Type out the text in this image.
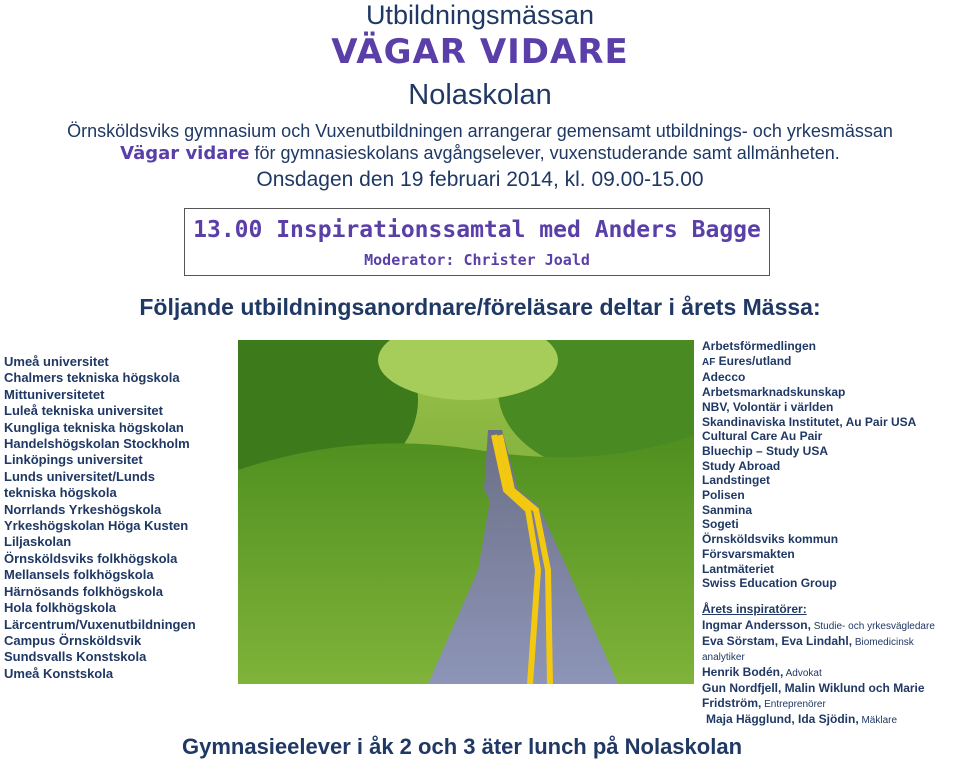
Utbildningsmässan
VÄGAR VIDARE
Nolaskolan
Örnsköldsviks gymnasium och Vuxenutbildningen arrangerar gemensamt utbildnings- och yrkesmässan
Vägar vidare för gymnasieskolans avgångselever, vuxenstuderande samt allmänheten.
Onsdagen den 19 februari 2014, kl. 09.00-15.00
13.00 Inspirationssamtal med Anders Bagge
Moderator: Christer Joald
Följande utbildningsanordnare/föreläsare deltar i årets Mässa:
Umeå universitet
Chalmers tekniska högskola
Mittuniversitetet
Luleå tekniska universitet
Kungliga tekniska högskolan
Handelshögskolan Stockholm
Linköpings universitet
Lunds universitet/Lunds
tekniska högskola
Norrlands Yrkeshögskola
Yrkeshögskolan Höga Kusten
Liljaskolan
Örnsköldsviks folkhögskola
Mellansels folkhögskola
Härnösands folkhögskola
Hola folkhögskola
Lärcentrum/Vuxenutbildningen
Campus Örnsköldsvik
Sundsvalls Konstskola
Umeå Konstskola
Arbetsförmedlingen
AF Eures/utland
Adecco
Arbetsmarknadskunskap
NBV, Volontär i världen
Skandinaviska Institutet, Au Pair USA
Cultural Care Au Pair
Bluechip – Study USA
Study Abroad
Landstinget
Polisen
Sanmina
Sogeti
Örnsköldsviks kommun
Försvarsmakten
Lantmäteriet
Swiss Education Group
Årets inspiratörer:
Ingmar Andersson, Studie- och yrkesvägledare
Eva Sörstam, Eva Lindahl, Biomedicinsk
analytiker
Henrik Bodén, Advokat
Gun Nordfjell, Malin Wiklund och Marie
Fridström, Entreprenörer
Maja Hägglund, Ida Sjödin, Mäklare
Gymnasieelever i åk 2 och 3 äter lunch på Nolaskolan
